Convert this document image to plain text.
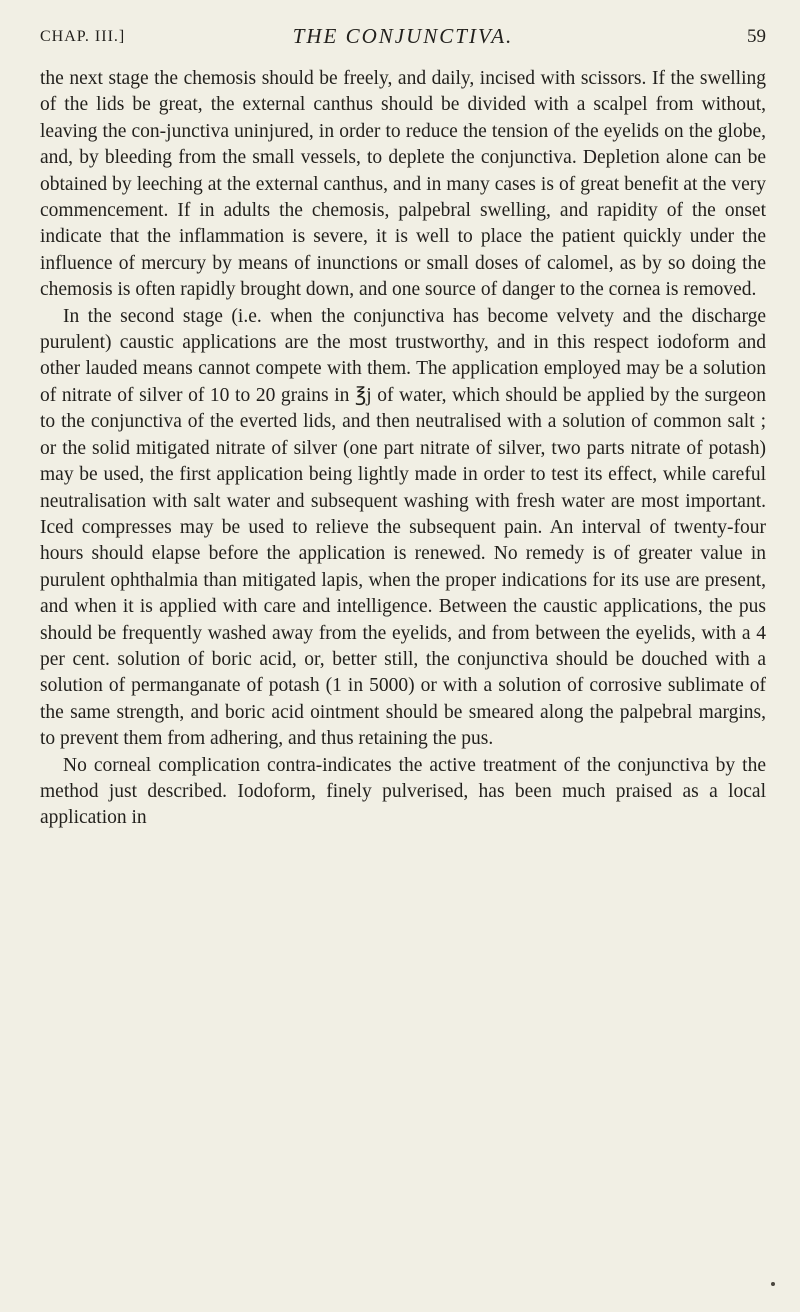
CHAP. III.]	THE CONJUNCTIVA.	59

the next stage the chemosis should be freely, and daily, incised with scissors. If the swelling of the lids be great, the external canthus should be divided with a scalpel from without, leaving the con-junctiva uninjured, in order to reduce the tension of the eyelids on the globe, and, by bleeding from the small vessels, to deplete the conjunctiva. Depletion alone can be obtained by leeching at the external canthus, and in many cases is of great benefit at the very commencement. If in adults the chemosis, palpebral swelling, and rapidity of the onset indicate that the inflammation is severe, it is well to place the patient quickly under the influence of mercury by means of inunctions or small doses of calomel, as by so doing the chemosis is often rapidly brought down, and one source of danger to the cornea is removed.

In the second stage (i.e. when the conjunctiva has become velvety and the discharge purulent) caustic applications are the most trustworthy, and in this respect iodoform and other lauded means cannot compete with them. The application employed may be a solution of nitrate of silver of 10 to 20 grains in ℥j of water, which should be applied by the surgeon to the conjunctiva of the everted lids, and then neutralised with a solution of common salt ; or the solid mitigated nitrate of silver (one part nitrate of silver, two parts nitrate of potash) may be used, the first application being lightly made in order to test its effect, while careful neutralisation with salt water and subsequent washing with fresh water are most important. Iced compresses may be used to relieve the subsequent pain. An interval of twenty-four hours should elapse before the application is renewed. No remedy is of greater value in purulent ophthalmia than mitigated lapis, when the proper indications for its use are present, and when it is applied with care and intelligence. Between the caustic applications, the pus should be frequently washed away from the eyelids, and from between the eyelids, with a 4 per cent. solution of boric acid, or, better still, the conjunctiva should be douched with a solution of permanganate of potash (1 in 5000) or with a solution of corrosive sublimate of the same strength, and boric acid ointment should be smeared along the palpebral margins, to prevent them from adhering, and thus retaining the pus.

No corneal complication contra-indicates the active treatment of the conjunctiva by the method just described. Iodoform, finely pulverised, has been much praised as a local application in
